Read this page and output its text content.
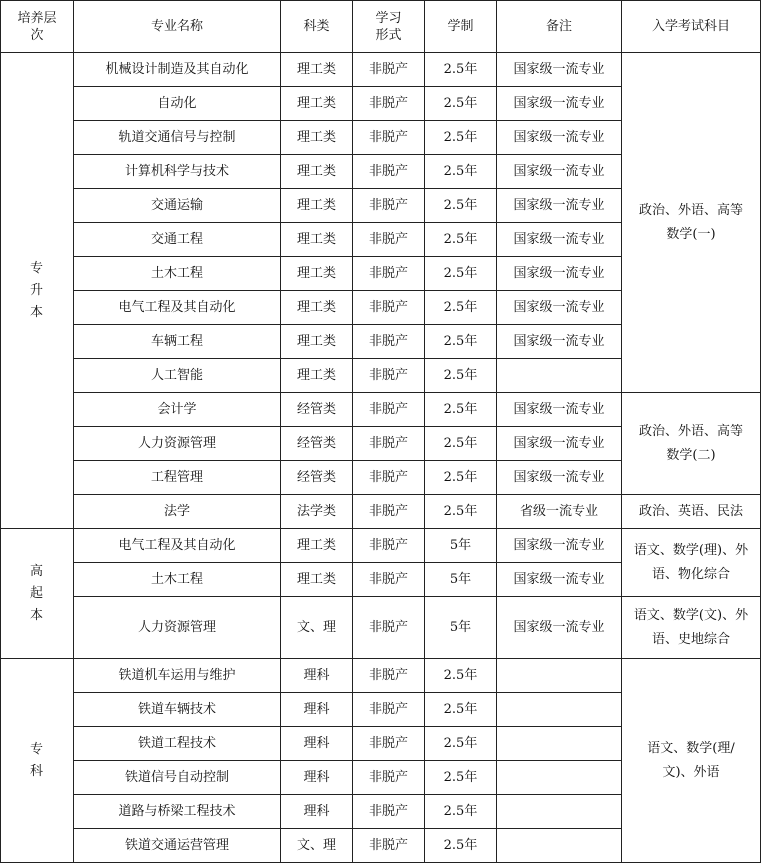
培养层次	专业名称	科类	学习形式	学制	备注	入学考试科目
专升本	机械设计制造及其自动化	理工类	非脱产	2.5年	国家级一流专业	政治、外语、高等数学(一)
	自动化	理工类	非脱产	2.5年	国家级一流专业	
	轨道交通信号与控制	理工类	非脱产	2.5年	国家级一流专业	
	计算机科学与技术	理工类	非脱产	2.5年	国家级一流专业	
	交通运输	理工类	非脱产	2.5年	国家级一流专业	
	交通工程	理工类	非脱产	2.5年	国家级一流专业	
	土木工程	理工类	非脱产	2.5年	国家级一流专业	
	电气工程及其自动化	理工类	非脱产	2.5年	国家级一流专业	
	车辆工程	理工类	非脱产	2.5年	国家级一流专业	
	人工智能	理工类	非脱产	2.5年		
	会计学	经管类	非脱产	2.5年	国家级一流专业	政治、外语、高等数学(二)
	人力资源管理	经管类	非脱产	2.5年	国家级一流专业	
	工程管理	经管类	非脱产	2.5年	国家级一流专业	
	法学	法学类	非脱产	2.5年	省级一流专业	政治、英语、民法
高起本	电气工程及其自动化	理工类	非脱产	5年	国家级一流专业	语文、数学(理)、外语、物化综合
	土木工程	理工类	非脱产	5年	国家级一流专业	
	人力资源管理	文、理	非脱产	5年	国家级一流专业	语文、数学(文)、外语、史地综合
专科	铁道机车运用与维护	理科	非脱产	2.5年		语文、数学(理/文)、外语
	铁道车辆技术	理科	非脱产	2.5年		
	铁道工程技术	理科	非脱产	2.5年		
	铁道信号自动控制	理科	非脱产	2.5年		
	道路与桥梁工程技术	理科	非脱产	2.5年		
	铁道交通运营管理	文、理	非脱产	2.5年		
